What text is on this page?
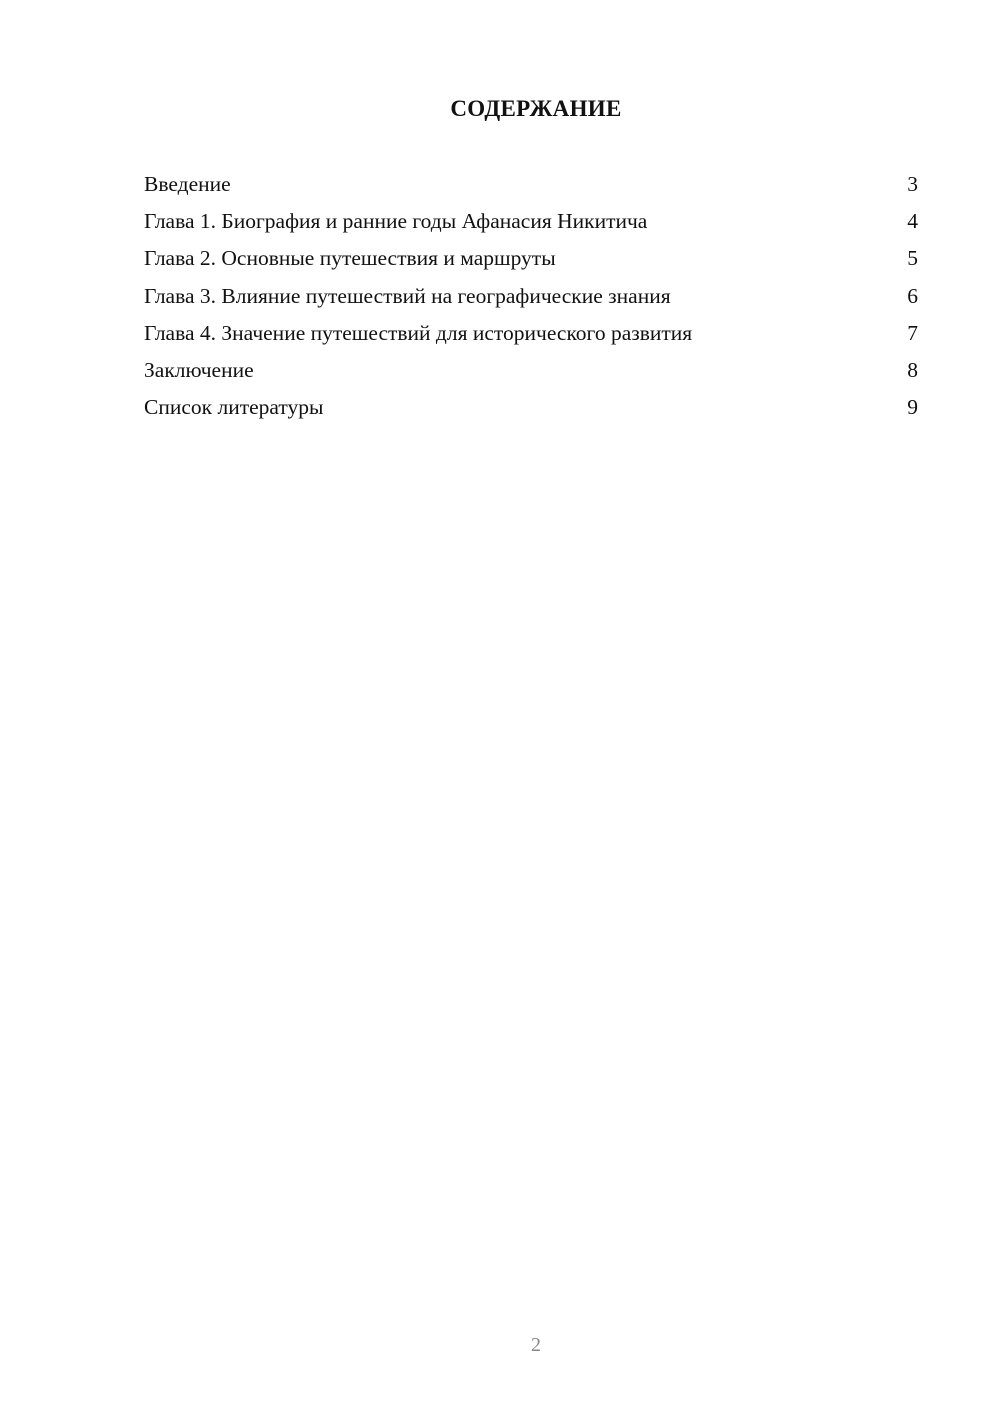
СОДЕРЖАНИЕ
Введение	3
Глава 1. Биография и ранние годы Афанасия Никитича	4
Глава 2. Основные путешествия и маршруты	5
Глава 3. Влияние путешествий на географические знания	6
Глава 4. Значение путешествий для исторического развития	7
Заключение	8
Список литературы	9
2
